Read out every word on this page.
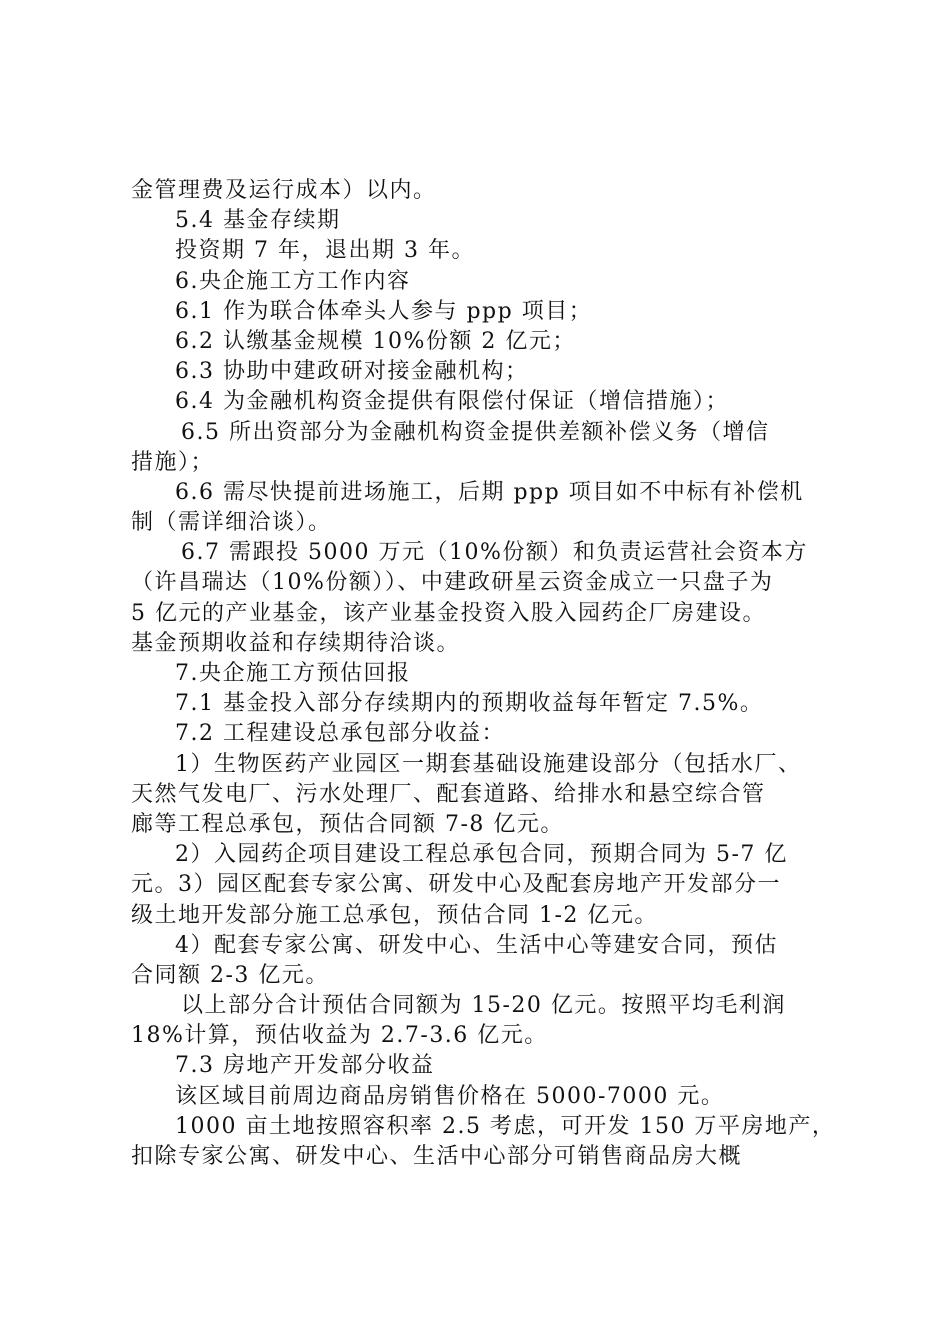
金管理费及运行成本）以内。
5.4 基金存续期
投资期 7 年，退出期 3 年。
6.央企施工方工作内容
6.1 作为联合体牵头人参与 ppp 项目；
6.2 认缴基金规模 10%份额 2 亿元；
6.3 协助中建政研对接金融机构；
6.4 为金融机构资金提供有限偿付保证（增信措施）；
6.5 所出资部分为金融机构资金提供差额补偿义务（增信
措施）；
6.6 需尽快提前进场施工，后期 ppp 项目如不中标有补偿机
制（需详细洽谈）。
6.7 需跟投 5000 万元（10%份额）和负责运营社会资本方
（许昌瑞达（10%份额））、中建政研星云资金成立一只盘子为
5 亿元的产业基金，该产业基金投资入股入园药企厂房建设。
基金预期收益和存续期待洽谈。
7.央企施工方预估回报
7.1 基金投入部分存续期内的预期收益每年暂定 7.5%。
7.2 工程建设总承包部分收益：
1）生物医药产业园区一期套基础设施建设部分（包括水厂、
天然气发电厂、污水处理厂、配套道路、给排水和悬空综合管
廊等工程总承包，预估合同额 7-8 亿元。
2）入园药企项目建设工程总承包合同，预期合同为 5-7 亿
元。3）园区配套专家公寓、研发中心及配套房地产开发部分一
级土地开发部分施工总承包，预估合同 1-2 亿元。
4）配套专家公寓、研发中心、生活中心等建安合同，预估
合同额 2-3 亿元。
以上部分合计预估合同额为 15-20 亿元。按照平均毛利润
18%计算，预估收益为 2.7-3.6 亿元。
7.3 房地产开发部分收益
该区域目前周边商品房销售价格在 5000-7000 元。
1000 亩土地按照容积率 2.5 考虑，可开发 150 万平房地产，
扣除专家公寓、研发中心、生活中心部分可销售商品房大概
